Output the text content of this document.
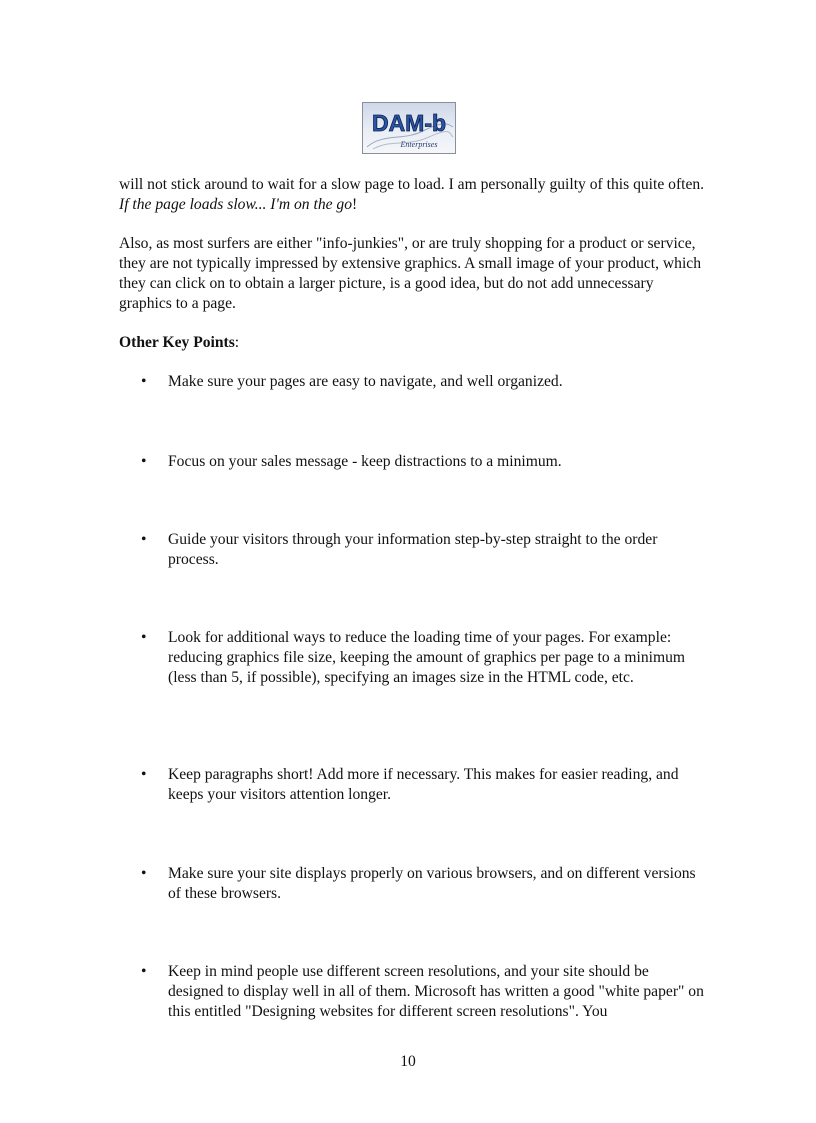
DAM-b
Enterprises

will not stick around to wait for a slow page to load. I am personally guilty of this quite often. If the page loads slow... I'm on the go!

Also, as most surfers are either "info-junkies", or are truly shopping for a product or service, they are not typically impressed by extensive graphics. A small image of your product, which they can click on to obtain a larger picture, is a good idea, but do not add unnecessary graphics to a page.

Other Key Points:

• Make sure your pages are easy to navigate, and well organized.
• Focus on your sales message - keep distractions to a minimum.
• Guide your visitors through your information step-by-step straight to the order process.
• Look for additional ways to reduce the loading time of your pages. For example: reducing graphics file size, keeping the amount of graphics per page to a minimum (less than 5, if possible), specifying an images size in the HTML code, etc.
• Keep paragraphs short! Add more if necessary. This makes for easier reading, and keeps your visitors attention longer.
• Make sure your site displays properly on various browsers, and on different versions of these browsers.
• Keep in mind people use different screen resolutions, and your site should be designed to display well in all of them. Microsoft has written a good "white paper" on this entitled "Designing websites for different screen resolutions". You
10
